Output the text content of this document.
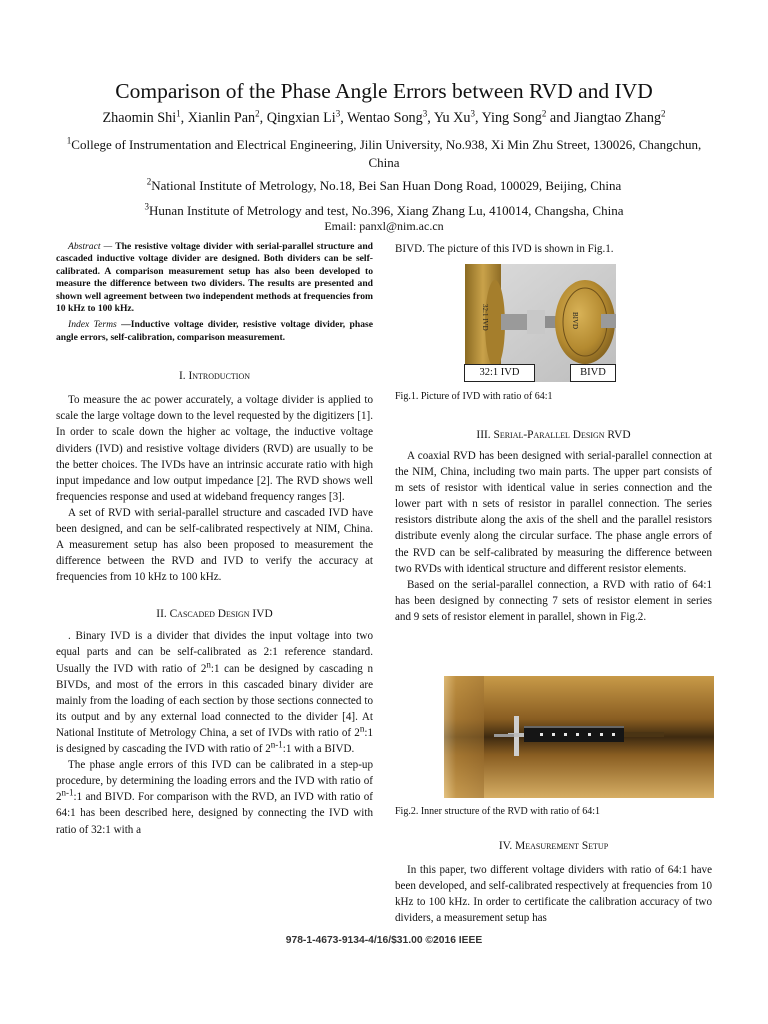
Comparison of the Phase Angle Errors between RVD and IVD
Zhaomin Shi$^1$, Xianlin Pan$^2$, Qingxian Li$^3$, Wentao Song$^3$, Yu Xu$^3$, Ying Song$^2$ and Jiangtao Zhang$^2$
$^1$College of Instrumentation and Electrical Engineering, Jilin University, No.938, Xi Min Zhu Street, 130026, Changchun, China
$^2$National Institute of Metrology, No.18, Bei San Huan Dong Road, 100029, Beijing, China
$^3$Hunan Institute of Metrology and test, No.396, Xiang Zhang Lu, 410014, Changsha, China
Email: panxl@nim.ac.cn

Abstract — The resistive voltage divider with serial-parallel structure and cascaded inductive voltage divider are designed. Both dividers can be self-calibrated. A comparison measurement setup has also been developed to measure the difference between two dividers. The results are presented and shown well agreement between two independent methods at frequencies from 10 kHz to 100 kHz.

Index Terms —Inductive voltage divider, resistive voltage divider, phase angle errors, self-calibration, comparison measurement.

I. Introduction

To measure the ac power accurately, a voltage divider is applied to scale the large voltage down to the level requested by the digitizers [1]. In order to scale down the higher ac voltage, the inductive voltage dividers (IVD) and resistive voltage dividers (RVD) are usually to be the better choices. The IVDs have an intrinsic accurate ratio with high input impedance and low output impedance [2]. The RVD shows well frequencies response and used at wideband frequency ranges [3].

A set of RVD with serial-parallel structure and cascaded IVD have been designed, and can be self-calibrated respectively at NIM, China. A measurement setup has also been proposed to measurement the difference between the RVD and IVD to verify the accuracy at frequencies from 10 kHz to 100 kHz.

II. Cascaded Design IVD

. Binary IVD is a divider that divides the input voltage into two equal parts and can be self-calibrated as 2:1 reference standard. Usually the IVD with ratio of 2$^n$:1 can be designed by cascading n BIVDs, and most of the errors in this cascaded binary divider are mainly from the loading of each section by those sections connected to its output and by any external load connected to the divider [4]. At National Institute of Metrology China, a set of IVDs with ratio of 2$^n$:1 is designed by cascading the IVD with ratio of 2$^{n-1}$:1 with a BIVD.

The phase angle errors of this IVD can be calibrated in a step-up procedure, by determining the loading errors and the IVD with ratio of 2$^{n-1}$:1 and BIVD. For comparison with the RVD, an IVD with ratio of 64:1 has been described here, designed by connecting the IVD with ratio of 32:1 with a

BIVD. The picture of this IVD is shown in Fig.1.

32:1 IVD	BIVD
32:1 IVD	BIVD
Fig.1. Picture of IVD with ratio of 64:1
III. Serial-Parallel Design RVD

A coaxial RVD has been designed with serial-parallel connection at the NIM, China, including two main parts. The upper part consists of m sets of resistor with identical value in series connection and the lower part with n sets of resistor in parallel connection. The series resistors distribute along the axis of the shell and the parallel resistors distribute evenly along the circular surface. The phase angle errors of the RVD can be self-calibrated by measuring the difference between two RVDs with identical structure and different resistor elements.

Based on the serial-parallel connection, a RVD with ratio of 64:1 has been designed by connecting 7 sets of resistor element in series and 9 sets of resistor element in parallel, shown in Fig.2.

Fig.2. Inner structure of the RVD with ratio of 64:1
IV. Measurement Setup

In this paper, two different voltage dividers with ratio of 64:1 have been developed, and self-calibrated respectively at frequencies from 10 kHz to 100 kHz. In order to certificate the calibration accuracy of two dividers, a measurement setup has

978-1-4673-9134-4/16/$31.00 ©2016 IEEE
